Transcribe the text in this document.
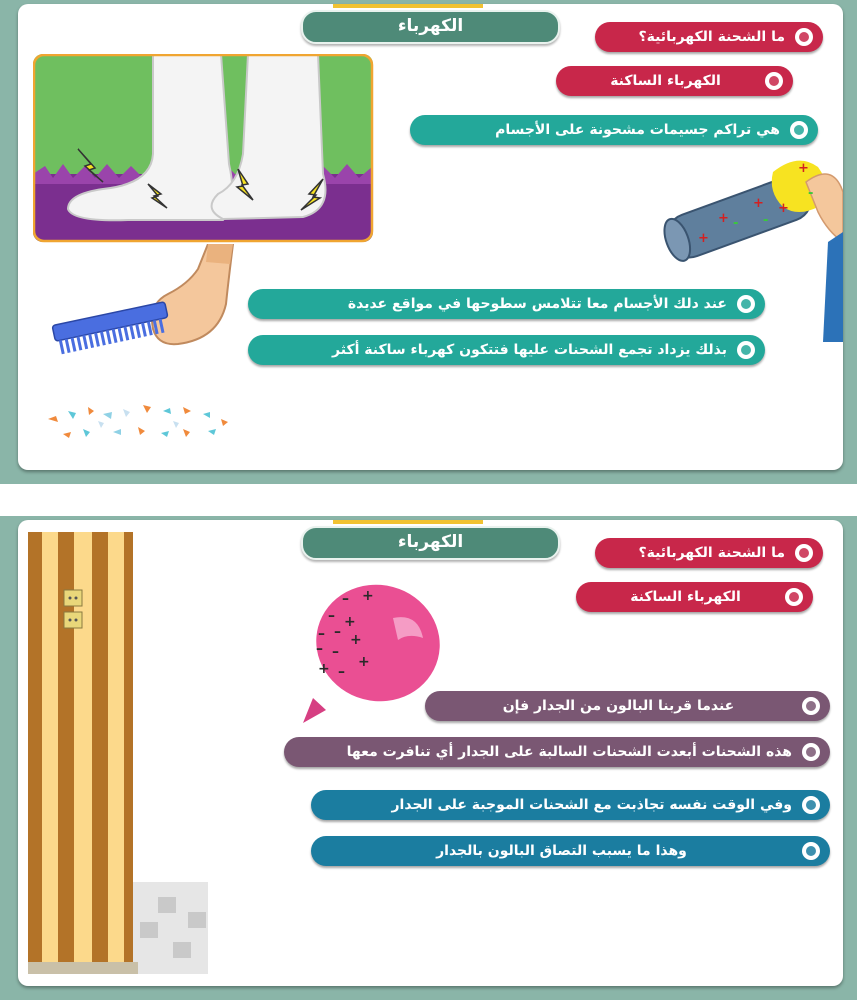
الكهرباء
ما الشحنة الكهربائية؟
الكهرباء الساكنة
هي تراكم جسيمات مشحونة على الأجسام
+
+
+
+
- -
-
+
عند دلك الأجسام معا تتلامس سطوحها في مواقع عديدة
بذلك يزداد تجمع الشحنات عليها فتتكون كهرباء ساكنة أكثر
الكهرباء
– +
– +
– – +
– –
+
+ –
ما الشحنة الكهربائية؟
الكهرباء الساكنة
عندما قربنا البالون من الجدار فإن
هذه الشحنات أبعدت الشحنات السالبة على الجدار أي تنافرت معها
وفي الوقت نفسه تجاذبت مع الشحنات الموجبة على الجدار
وهذا ما يسبب التصاق البالون بالجدار
